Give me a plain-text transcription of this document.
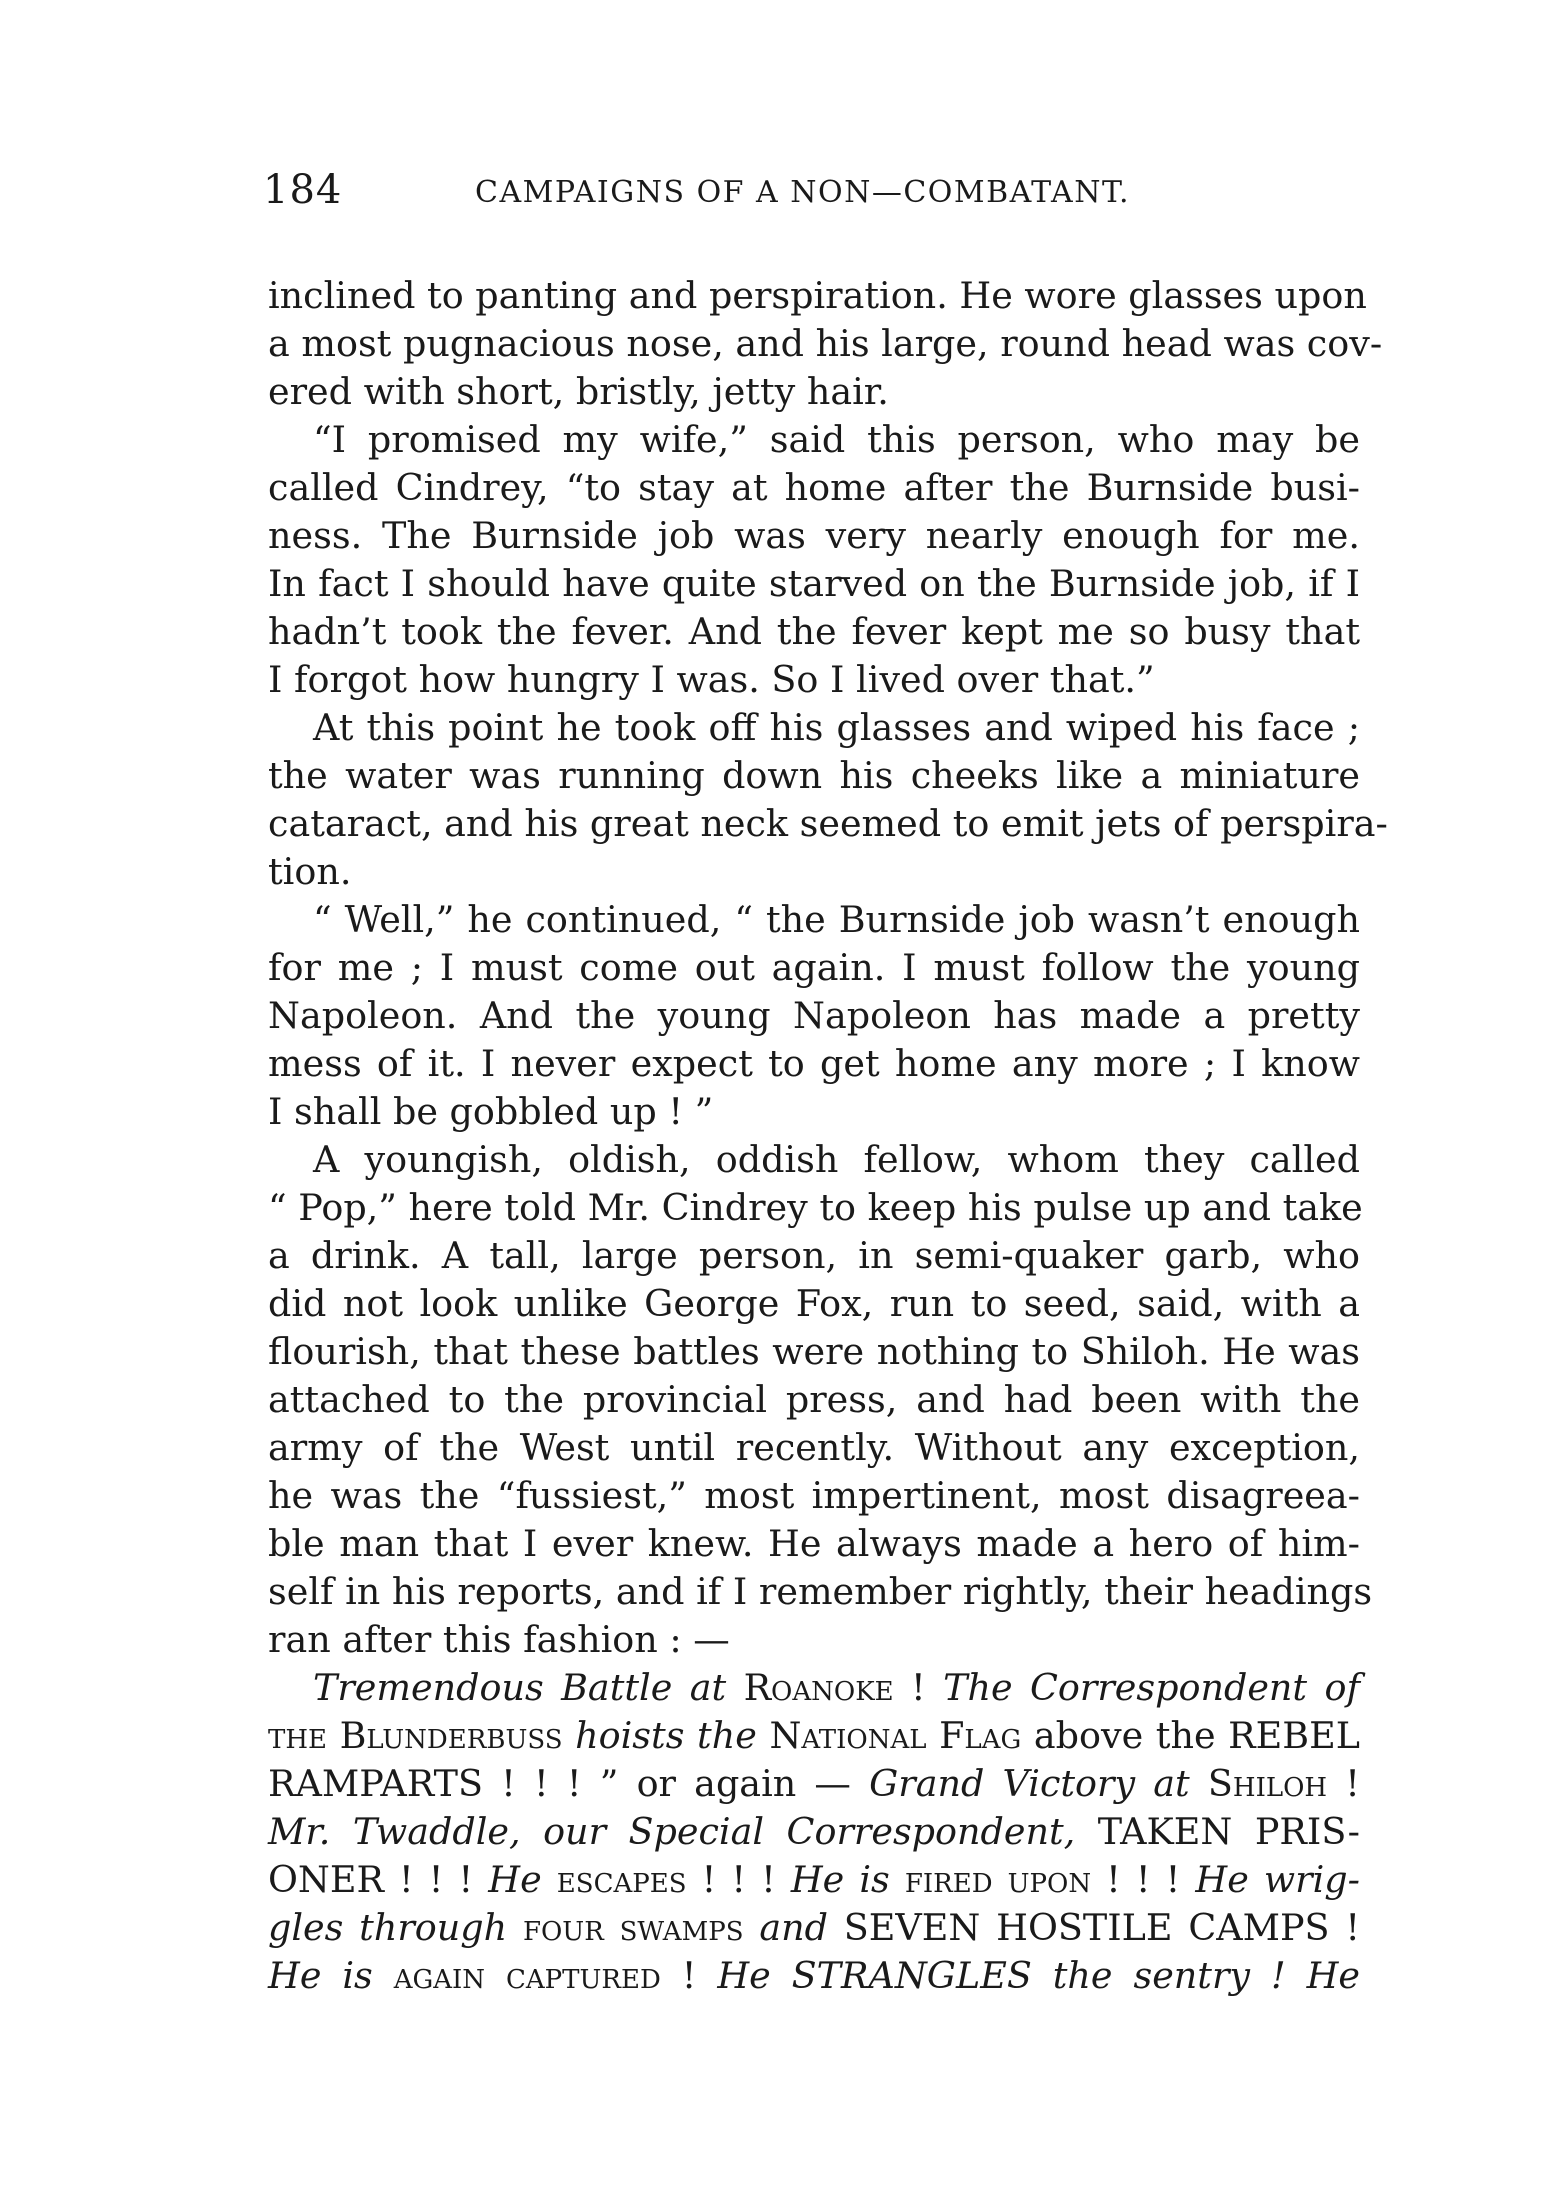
184	CAMPAIGNS OF A NON—COMBATANT.
inclined to panting and perspiration. He wore glasses upon
a most pugnacious nose, and his large, round head was cov-
ered with short, bristly, jetty hair.
“I promised my wife,” said this person, who may be
called Cindrey, “to stay at home after the Burnside busi-
ness. The Burnside job was very nearly enough for me.
In fact I should have quite starved on the Burnside job, if I
hadn’t took the fever. And the fever kept me so busy that
I forgot how hungry I was. So I lived over that.”
At this point he took off his glasses and wiped his face ;
the water was running down his cheeks like a miniature
cataract, and his great neck seemed to emit jets of perspira-
tion.
“ Well,” he continued, “ the Burnside job wasn’t enough
for me ; I must come out again. I must follow the young
Napoleon. And the young Napoleon has made a pretty
mess of it. I never expect to get home any more ; I know
I shall be gobbled up ! ”
A youngish, oldish, oddish fellow, whom they called
“ Pop,” here told Mr. Cindrey to keep his pulse up and take
a drink. A tall, large person, in semi-quaker garb, who
did not look unlike George Fox, run to seed, said, with a
flourish, that these battles were nothing to Shiloh. He was
attached to the provincial press, and had been with the
army of the West until recently. Without any exception,
he was the “fussiest,” most impertinent, most disagreea-
ble man that I ever knew. He always made a hero of him-
self in his reports, and if I remember rightly, their headings
ran after this fashion : —
Tremendous Battle at Roanoke ! The Correspondent of
the Blunderbuss hoists the National Flag above the REBEL
RAMPARTS ! ! ! ” or again — Grand Victory at Shiloh !
Mr. Twaddle, our Special Correspondent, TAKEN PRIS-
ONER ! ! ! He escapes ! ! ! He is fired upon ! ! ! He wrig-
gles through four swamps and SEVEN HOSTILE CAMPS !
He is again captured ! He STRANGLES the sentry ! He
